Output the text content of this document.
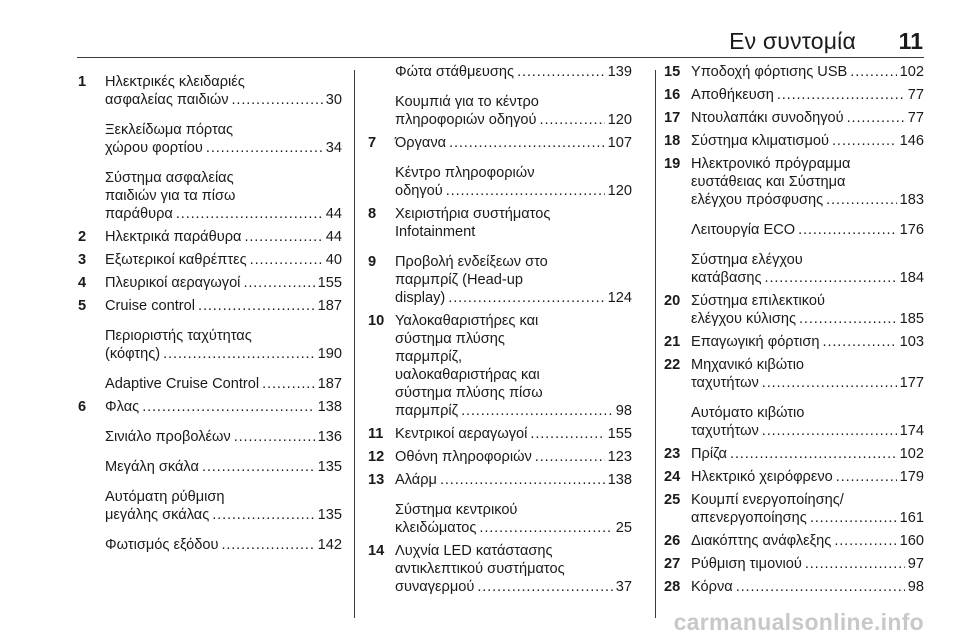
Εν συντομία 11
1	Ηλεκτρικές κλειδαριές
ασφαλείας παιδιών . . .	30
Ξεκλείδωμα πόρτας
χώρου φορτίου . . .	34
Σύστημα ασφαλείας
παιδιών για τα πίσω
παράθυρα . . .	44
2	Ηλεκτρικά παράθυρα . . .	44
3	Εξωτερικοί καθρέπτες . . .	40
4	Πλευρικοί αεραγωγοί . . .	155
5	Cruise control . . .	187
Περιοριστής ταχύτητας
(κόφτης) . . .	190
Adaptive Cruise Control . . .	187
6	Φλας . . .	138
Σινιάλο προβολέων . . .	136
Μεγάλη σκάλα . . .	135
Αυτόματη ρύθμιση
μεγάλης σκάλας . . .	135
Φωτισμός εξόδου . . .	142
Φώτα στάθμευσης . . .	139
Κουμπιά για το κέντρο
πληροφοριών οδηγού . . .	120
7	Όργανα . . .	107
Κέντρο πληροφοριών
οδηγού . . .	120
8	Χειριστήρια συστήματος
Infotainment
9	Προβολή ενδείξεων στο
παρμπρίζ (Head-up
display) . . .	124
10 Υαλοκαθαριστήρες και
σύστημα πλύσης
παρμπρίζ,
υαλοκαθαριστήρας και
σύστημα πλύσης πίσω
παρμπρίζ . . .	98
11 Κεντρικοί αεραγωγοί . . .	155
12 Οθόνη πληροφοριών . . .	123
13 Αλάρμ . . .	138
Σύστημα κεντρικού
κλειδώματος . . .	25
14 Λυχνία LED κατάστασης
αντικλεπτικού συστήματος
συναγερμού . . .	37
15 Υποδοχή φόρτισης USB . . .	102
16 Αποθήκευση . . .	77
17 Ντουλαπάκι συνοδηγού . . .	77
18 Σύστημα κλιματισμού . . .	146
19 Ηλεκτρονικό πρόγραμμα
ευστάθειας και Σύστημα
ελέγχου πρόσφυσης . . .	183
Λειτουργία ECO . . .	176
Σύστημα ελέγχου
κατάβασης . . .	184
20 Σύστημα επιλεκτικού
ελέγχου κύλισης . . .	185
21 Επαγωγική φόρτιση . . .	103
22 Μηχανικό κιβώτιο
ταχυτήτων . . .	177
Αυτόματο κιβώτιο
ταχυτήτων . . .	174
23 Πρίζα . . .	102
24 Ηλεκτρικό χειρόφρενο . . .	179
25 Κουμπί ενεργοποίησης/
απενεργοποίησης . . .	161
26 Διακόπτης ανάφλεξης . . .	160
27 Ρύθμιση τιμονιού . . .	97
28 Κόρνα . . .	98
carmanualsonline.info
